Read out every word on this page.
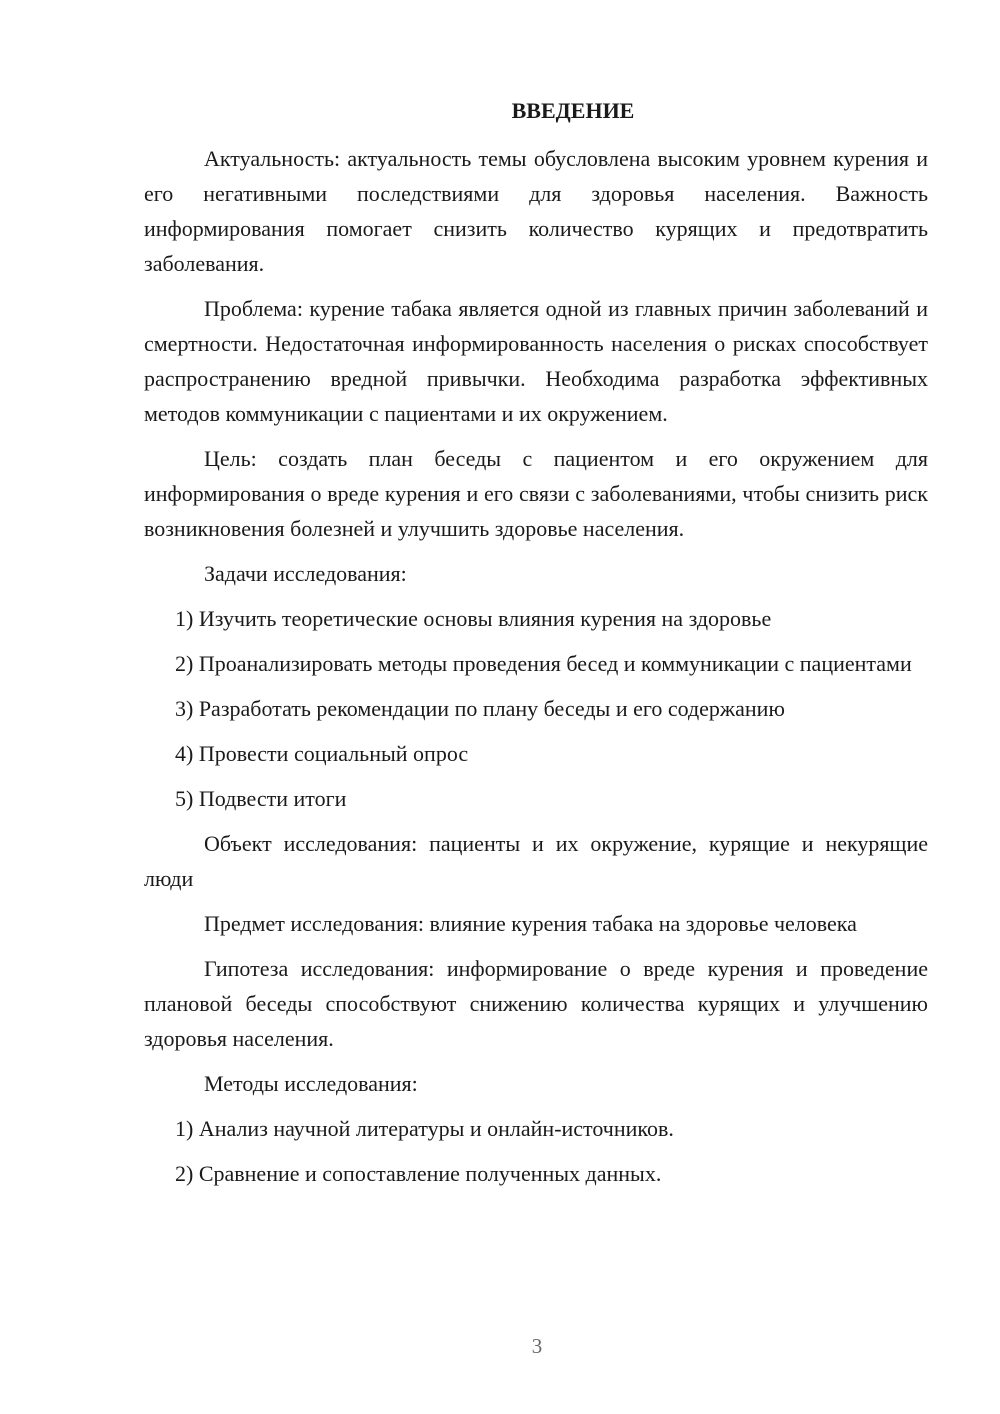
ВВЕДЕНИЕ

Актуальность: актуальность темы обусловлена высоким уровнем курения и его негативными последствиями для здоровья населения. Важность информирования помогает снизить количество курящих и предотвратить заболевания.

Проблема: курение табака является одной из главных причин заболеваний и смертности. Недостаточная информированность населения о рисках способствует распространению вредной привычки. Необходима разработка эффективных методов коммуникации с пациентами и их окружением.

Цель: создать план беседы с пациентом и его окружением для информирования о вреде курения и его связи с заболеваниями, чтобы снизить риск возникновения болезней и улучшить здоровье населения.

Задачи исследования:

1) Изучить теоретические основы влияния курения на здоровье

2) Проанализировать методы проведения бесед и коммуникации с пациентами

3) Разработать рекомендации по плану беседы и его содержанию

4) Провести социальный опрос

5) Подвести итоги

Объект исследования: пациенты и их окружение, курящие и некурящие люди

Предмет исследования: влияние курения табака на здоровье человека

Гипотеза исследования: информирование о вреде курения и проведение плановой беседы способствуют снижению количества курящих и улучшению здоровья населения.

Методы исследования:

1) Анализ научной литературы и онлайн-источников.

2) Сравнение и сопоставление полученных данных.

3
